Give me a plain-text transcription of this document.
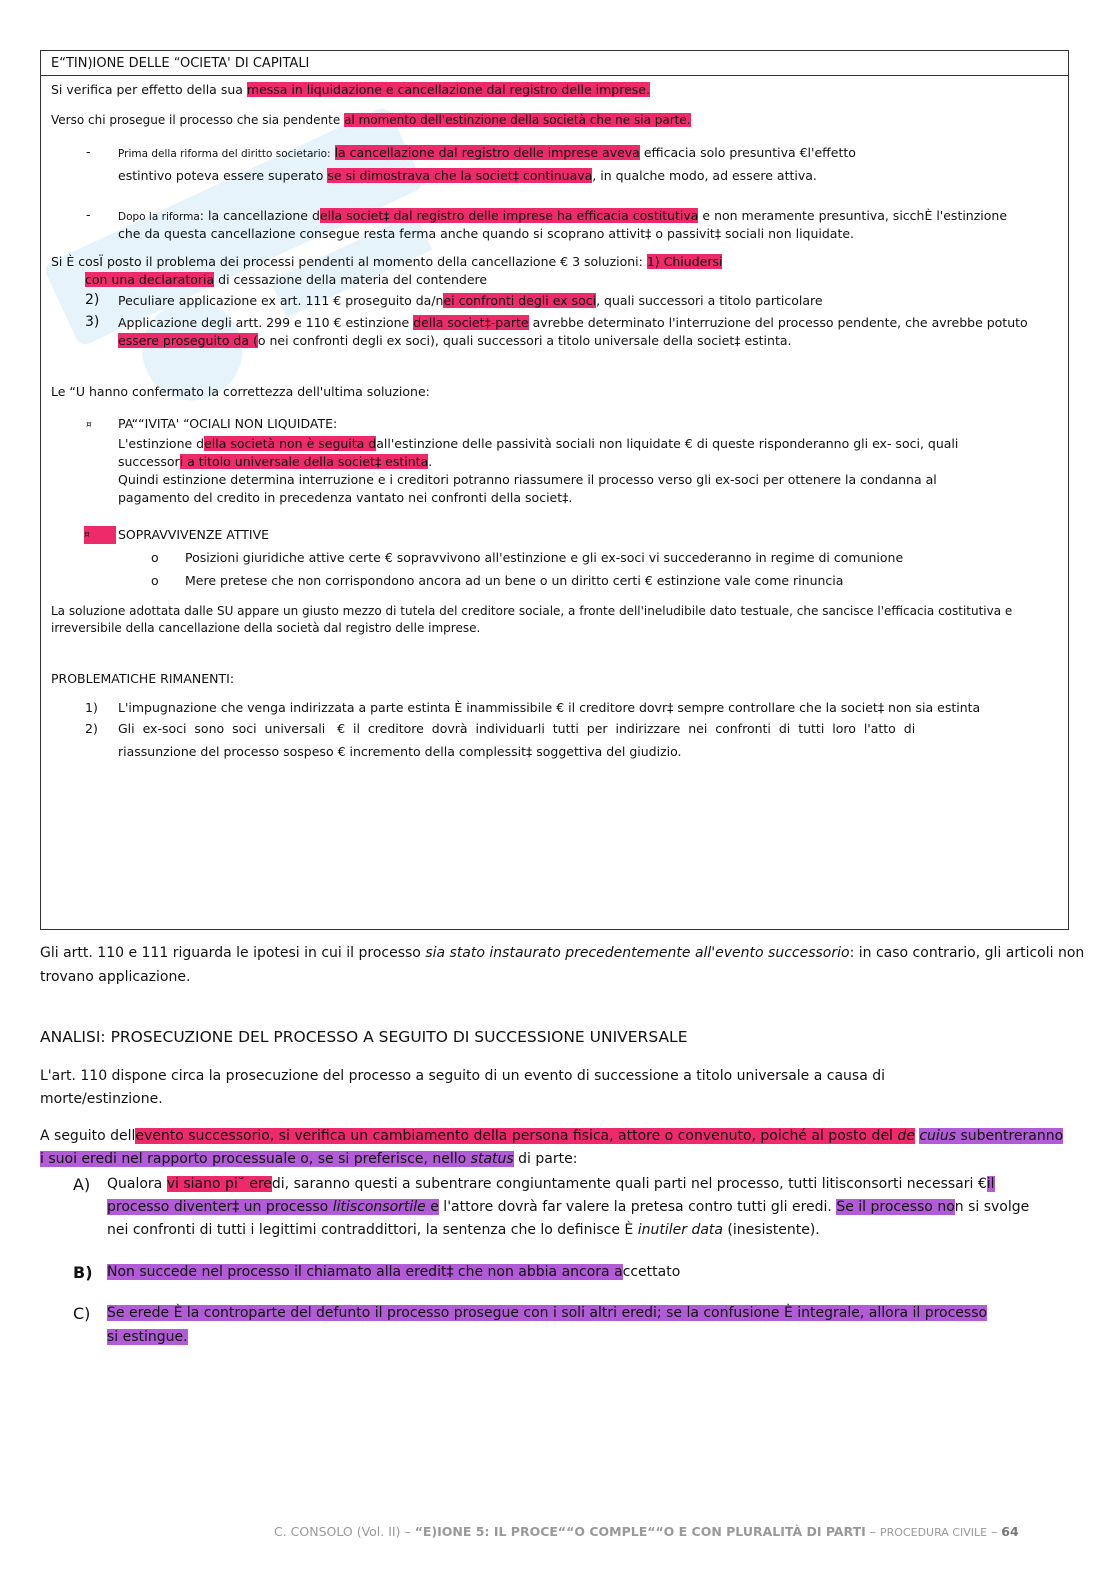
E“TIN)IONE DELLE “OCIETA' DI CAPITALI
Si verifica per effetto della sua messa in liquidazione e cancellazione dal registro delle imprese.
Verso chi prosegue il processo che sia pendente al momento dell'estinzione della società che ne sia parte.
-	Prima della riforma del diritto societario: la cancellazione dal registro delle imprese aveva efficacia solo presuntiva €l'effetto
estintivo poteva essere superato se si dimostrava che la societ‡ continuava, in qualche modo, ad essere attiva.
-	Dopo la riforma: la cancellazione della societ‡ dal registro delle imprese ha efficacia costitutiva e non meramente presuntiva, sicchÈ l'estinzione
che da questa cancellazione consegue resta ferma anche quando si scoprano attivit‡ o passivit‡ sociali non liquidate.
Si È cosÏ posto il problema dei processi pendenti al momento della cancellazione € 3 soluzioni: 1) Chiudersi
con una declaratoria di cessazione della materia del contendere
2) Peculiare applicazione ex art. 111 € proseguito da/nei confronti degli ex soci, quali successori a titolo particolare
3) Applicazione degli artt. 299 e 110 € estinzione della societ‡-parte avrebbe determinato l'interruzione del processo pendente, che avrebbe potuto
essere proseguito da (o nei confronti degli ex soci), quali successori a titolo universale della societ‡ estinta.
Le “U hanno confermato la correttezza dell'ultima soluzione:
¤ PA““IVITA' “OCIALI NON LIQUIDATE:
L'estinzione della società non è seguita dall'estinzione delle passività sociali non liquidate € di queste risponderanno gli ex- soci, quali
successori a titolo universale della societ‡ estinta.
Quindi estinzione determina interruzione e i creditori potranno riassumere il processo verso gli ex-soci per ottenere la condanna al
pagamento del credito in precedenza vantato nei confronti della societ‡.
¤	SOPRAVVIVENZE ATTIVE
o Posizioni giuridiche attive certe € sopravvivono all'estinzione e gli ex-soci vi succederanno in regime di comunione
o Mere pretese che non corrispondono ancora ad un bene o un diritto certi € estinzione vale come rinuncia
La soluzione adottata dalle SU appare un giusto mezzo di tutela del creditore sociale, a fronte dell'ineludibile dato testuale, che sancisce l'efficacia costitutiva e
irreversibile della cancellazione della società dal registro delle imprese.
PROBLEMATICHE RIMANENTI:
1) L'impugnazione che venga indirizzata a parte estinta È inammissibile € il creditore dovr‡ sempre controllare che la societ‡ non sia estinta
2) Gli  ex-soci  sono  soci  universali   €  il  creditore  dovrà  individuarli  tutti  per  indirizzare  nei  confronti  di  tutti  loro  l'atto  di
riassunzione del processo sospeso € incremento della complessit‡ soggettiva del giudizio.
Gli artt. 110 e 111 riguarda le ipotesi in cui il processo sia stato instaurato precedentemente all'evento successorio: in caso contrario, gli articoli non
trovano applicazione.
ANALISI: PROSECUZIONE DEL PROCESSO A SEGUITO DI SUCCESSIONE UNIVERSALE
L'art. 110 dispone circa la prosecuzione del processo a seguito di un evento di successione a titolo universale a causa di
morte/estinzione.
A seguito dellevento successorio, si verifica un cambiamento della persona fisica, attore o convenuto, poiché al posto del de cuius subentreranno
i suoi eredi nel rapporto processuale o, se si preferisce, nello status di parte:
A) Qualora vi siano pi˘ eredi, saranno questi a subentrare congiuntamente quali parti nel processo, tutti litisconsorti necessari €il
processo diventer‡ un processo litisconsortile e l'attore dovrà far valere la pretesa contro tutti gli eredi. Se il processo non si svolge
nei confronti di tutti i legittimi contraddittori, la sentenza che lo definisce È inutiler data (inesistente).
B) Non succede nel processo il chiamato alla eredit‡ che non abbia ancora accettato
C) Se erede È la controparte del defunto il processo prosegue con i soli altri eredi; se la confusione È integrale, allora il processo
si estingue.
C. CONSOLO (Vol. II) – “E)IONE 5: IL PROCE““O COMPLE““O E CON PLURALITÀ DI PARTI – PROCEDURA CIVILE – 64
